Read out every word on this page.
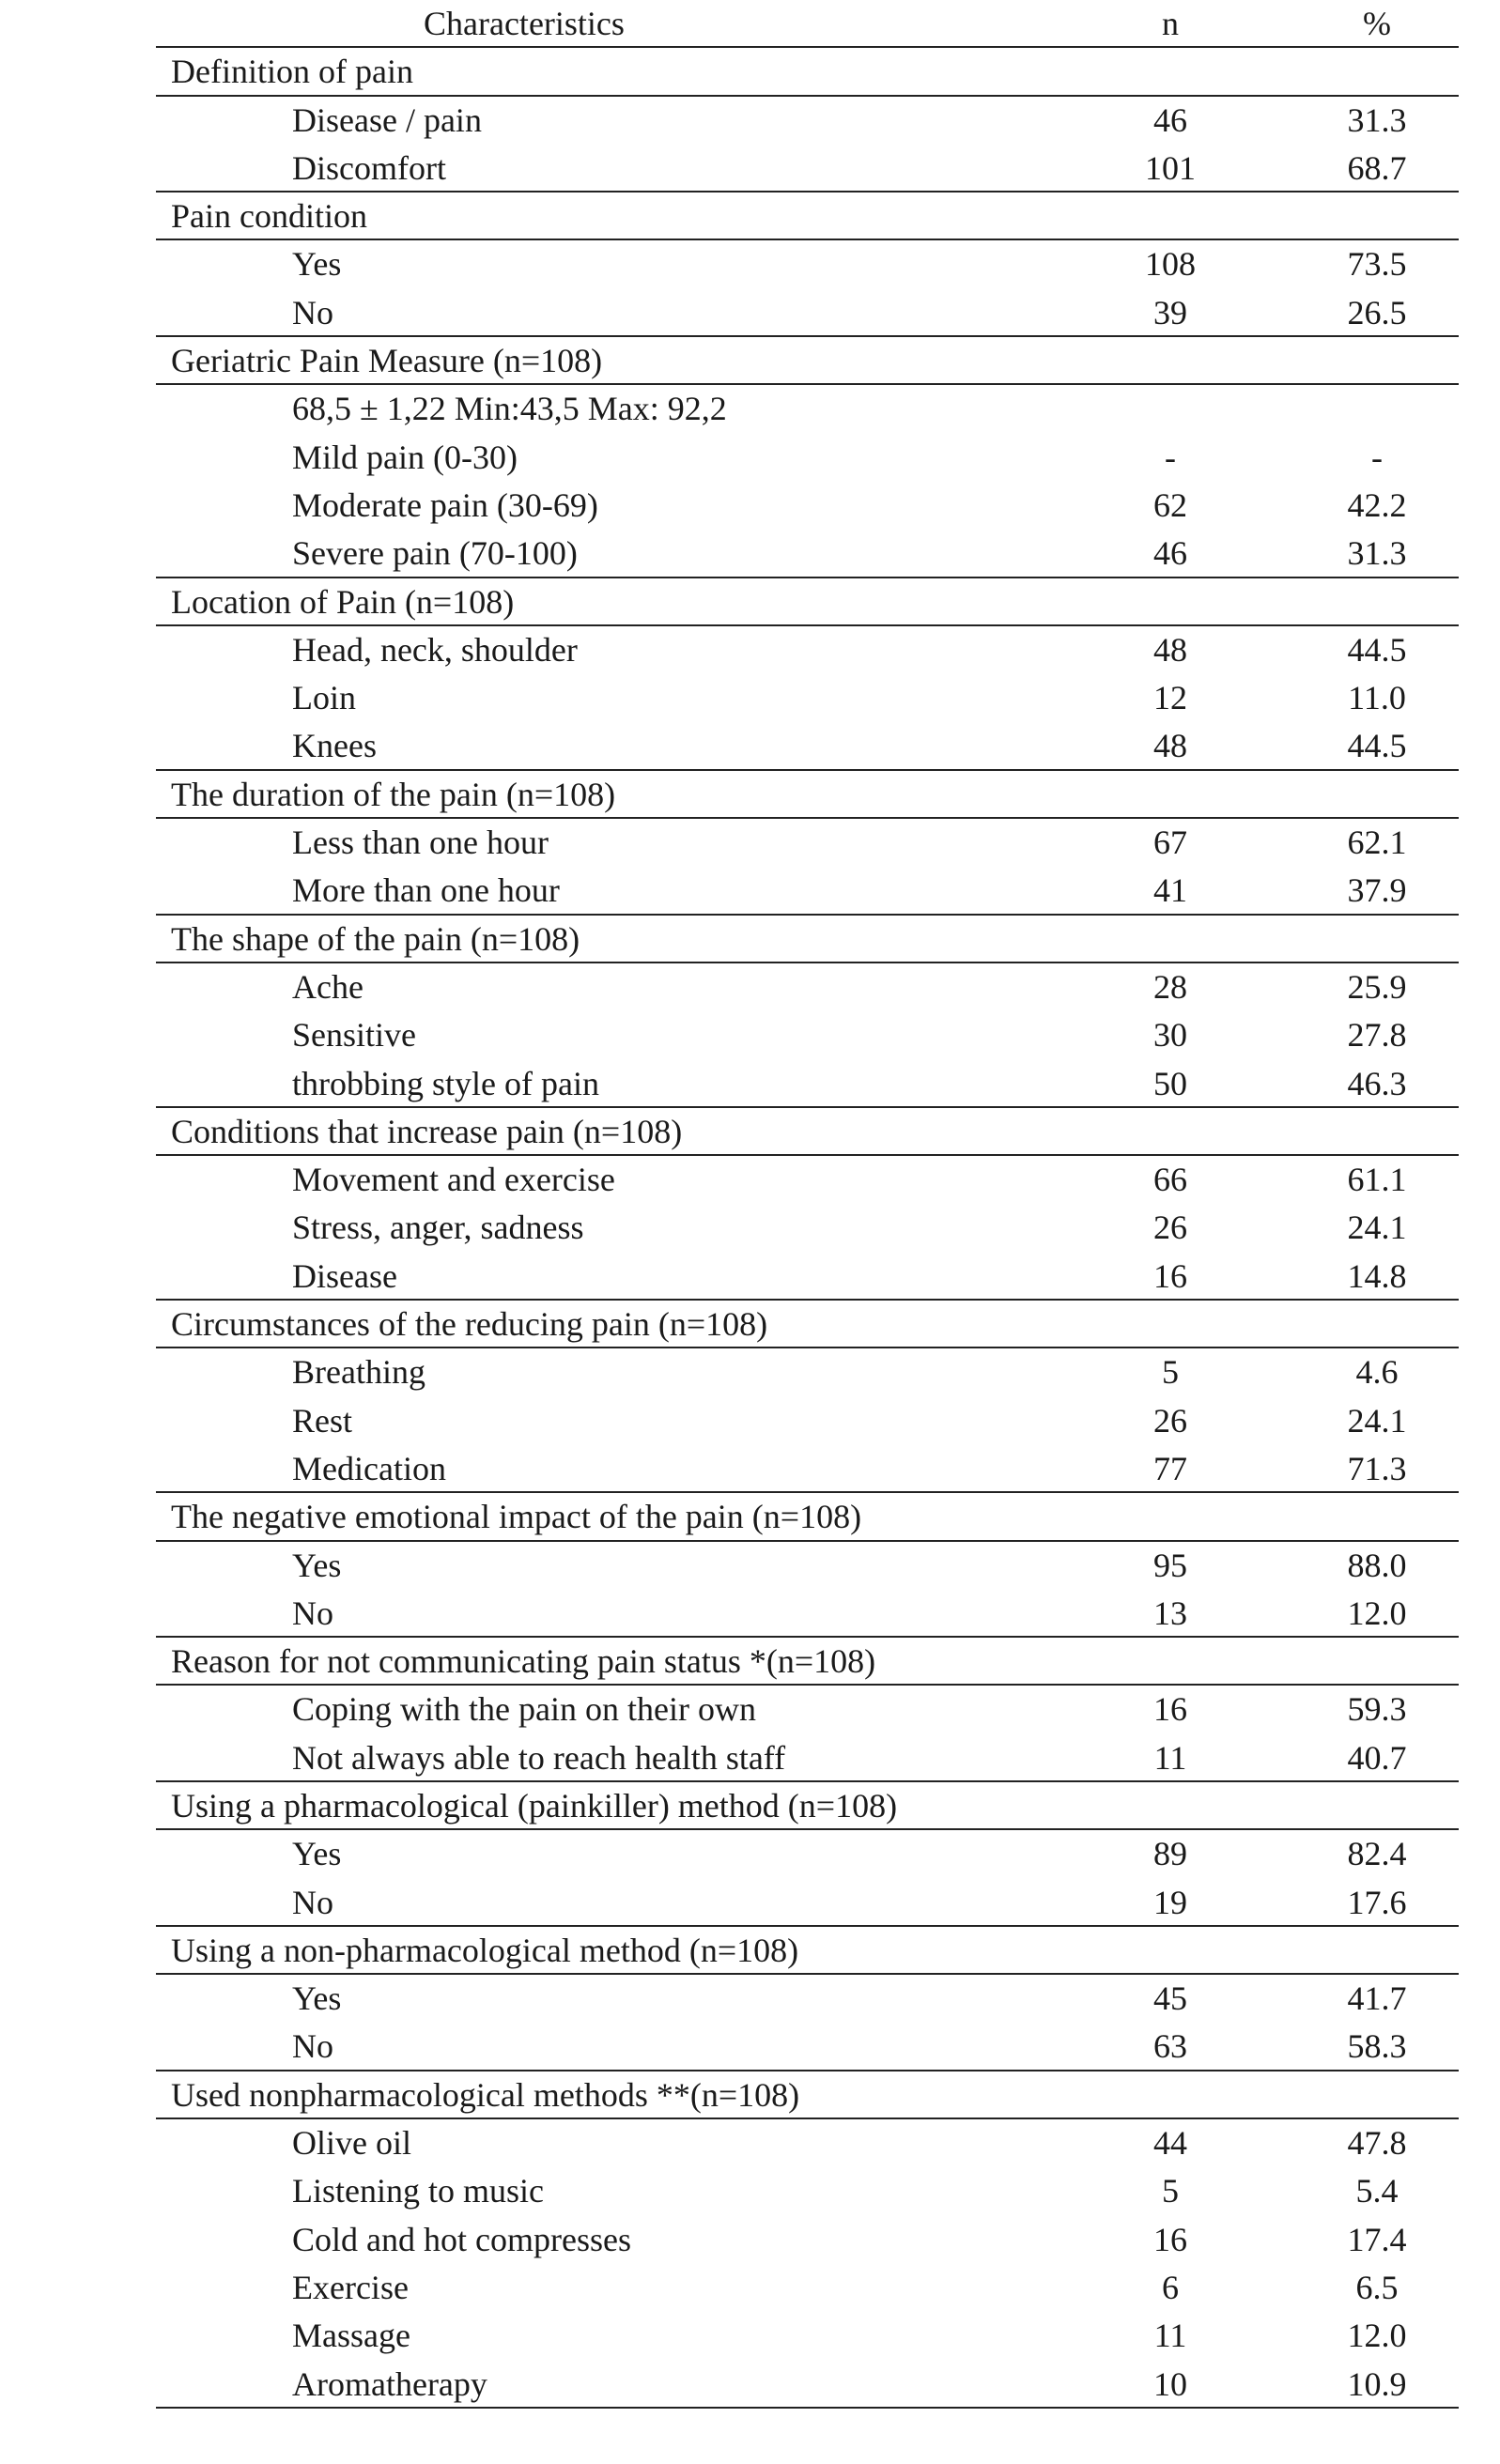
Characteristics	n	%
Definition of pain
Disease / pain	46	31.3
Discomfort	101	68.7
Pain condition
Yes	108	73.5
No	39	26.5
Geriatric Pain Measure (n=108)
68,5 ± 1,22 Min:43,5 Max: 92,2
Mild pain (0-30)	-	-
Moderate pain (30-69)	62	42.2
Severe pain (70-100)	46	31.3
Location of Pain (n=108)
Head, neck, shoulder	48	44.5
Loin	12	11.0
Knees	48	44.5
The duration of the pain (n=108)
Less than one hour	67	62.1
More than one hour	41	37.9
The shape of the pain (n=108)
Ache	28	25.9
Sensitive	30	27.8
throbbing style of pain	50	46.3
Conditions that increase pain (n=108)
Movement and exercise	66	61.1
Stress, anger, sadness	26	24.1
Disease	16	14.8
Circumstances of the reducing pain (n=108)
Breathing	5	4.6
Rest	26	24.1
Medication	77	71.3
The negative emotional impact of the pain (n=108)
Yes	95	88.0
No	13	12.0
Reason for not communicating pain status *(n=108)
Coping with the pain on their own	16	59.3
Not always able to reach health staff	11	40.7
Using a pharmacological (painkiller) method (n=108)
Yes	89	82.4
No	19	17.6
Using a non-pharmacological method (n=108)
Yes	45	41.7
No	63	58.3
Used nonpharmacological methods **(n=108)
Olive oil	44	47.8
Listening to music	5	5.4
Cold and hot compresses	16	17.4
Exercise	6	6.5
Massage	11	12.0
Aromatherapy	10	10.9
